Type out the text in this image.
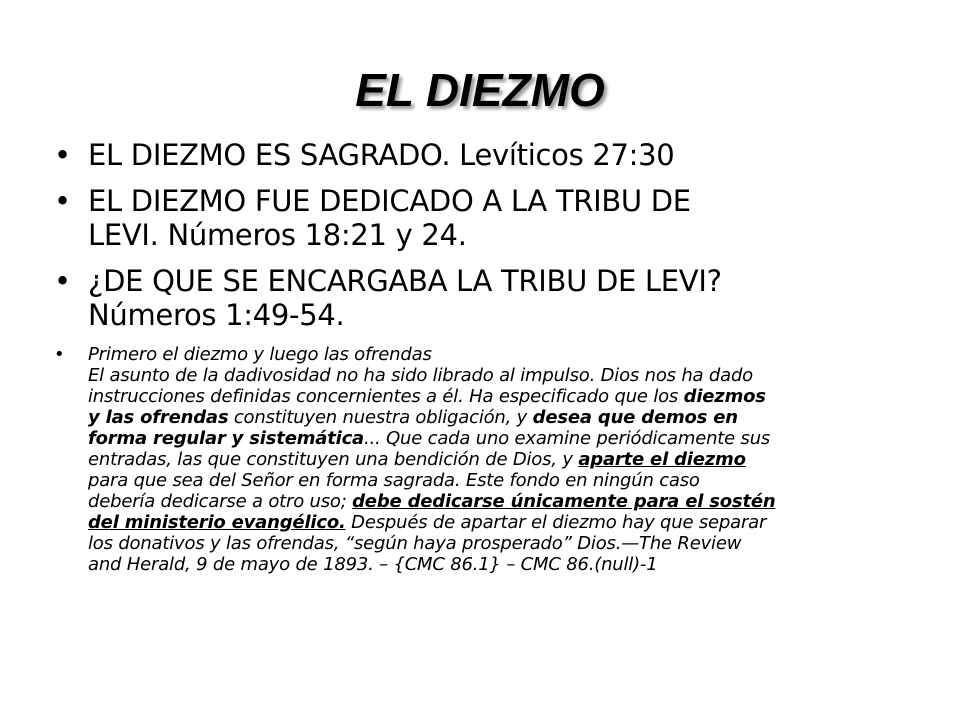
EL DIEZMO
• EL DIEZMO ES SAGRADO. Levíticos 27:30
• EL DIEZMO FUE DEDICADO A LA TRIBU DE
LEVI. Números 18:21 y 24.
• ¿DE QUE SE ENCARGABA LA TRIBU DE LEVI?
Números 1:49-54.
• Primero el diezmo y luego las ofrendas
El asunto de la dadivosidad no ha sido librado al impulso. Dios nos ha dado
instrucciones definidas concernientes a él. Ha especificado que los diezmos
y las ofrendas constituyen nuestra obligación, y desea que demos en
forma regular y sistemática... Que cada uno examine periódicamente sus
entradas, las que constituyen una bendición de Dios, y aparte el diezmo
para que sea del Señor en forma sagrada. Este fondo en ningún caso
debería dedicarse a otro uso; debe dedicarse únicamente para el sostén
del ministerio evangélico. Después de apartar el diezmo hay que separar
los donativos y las ofrendas, “según haya prosperado” Dios.—The Review
and Herald, 9 de mayo de 1893. – {CMC 86.1} – CMC 86.(null)-1
